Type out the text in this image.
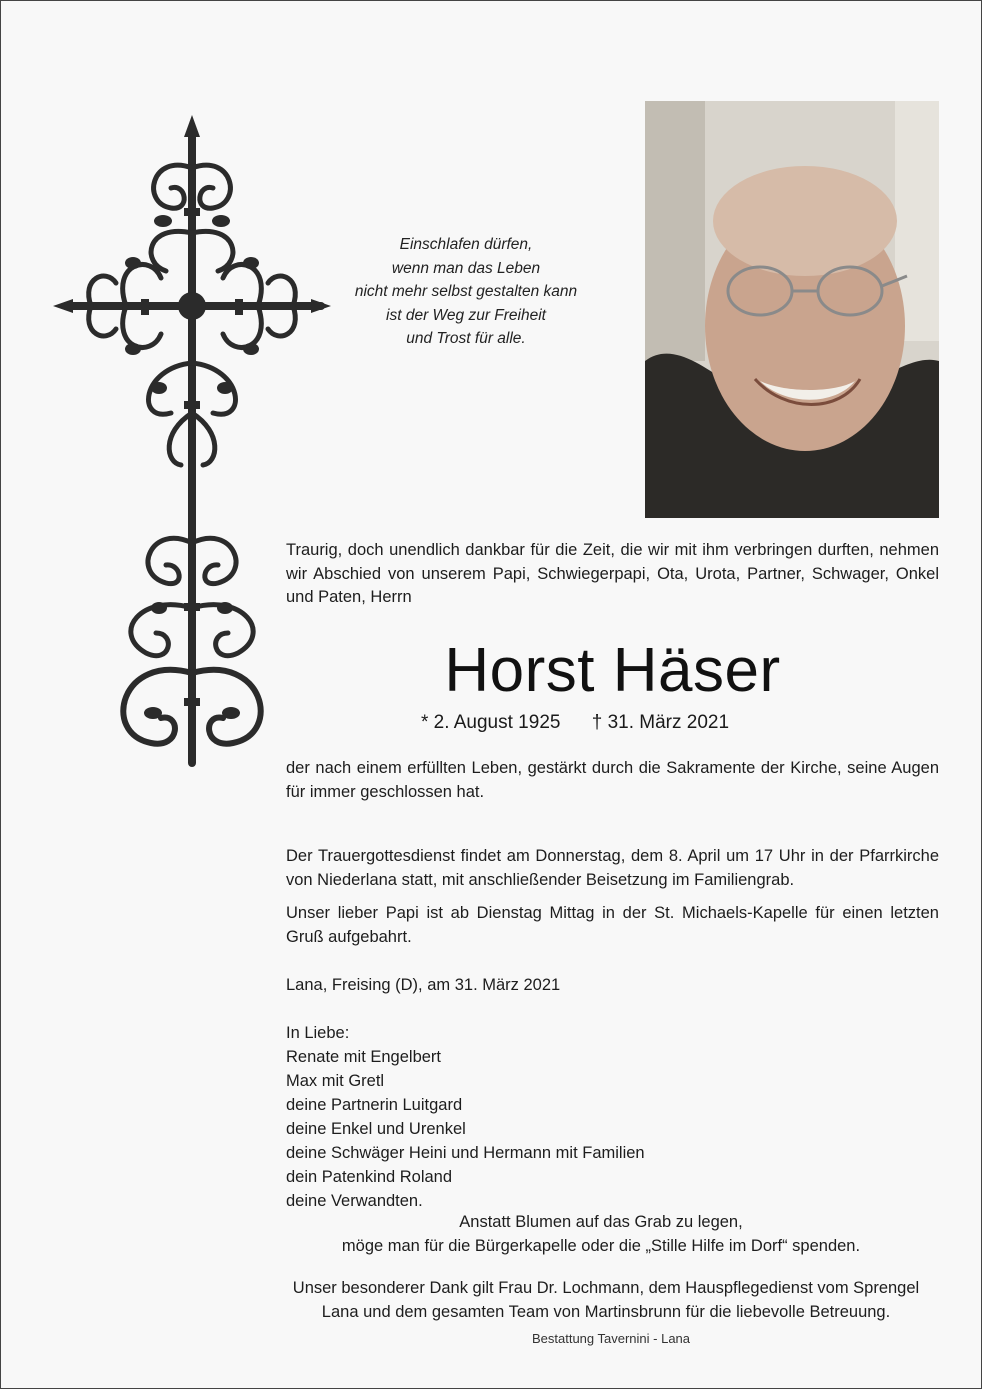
Einschlafen dürfen,
wenn man das Leben
nicht mehr selbst gestalten kann
ist der Weg zur Freiheit
und Trost für alle.
Traurig, doch unendlich dankbar für die Zeit, die wir mit ihm verbringen durften, nehmen wir Abschied von unserem Papi, Schwiegerpapi, Ota, Urota, Partner, Schwager, Onkel und Paten, Herrn
Horst Häser
* 2. August 1925 † 31. März 2021
der nach einem erfüllten Leben, gestärkt durch die Sakramente der Kirche, seine Augen für immer geschlossen hat.
Der Trauergottesdienst findet am Donnerstag, dem 8. April um 17 Uhr in der Pfarrkirche von Niederlana statt, mit anschließender Beisetzung im Familiengrab.
Unser lieber Papi ist ab Dienstag Mittag in der St. Michaels-Kapelle für einen letzten Gruß aufgebahrt.
Lana, Freising (D), am 31. März 2021
In Liebe:
Renate mit Engelbert
Max mit Gretl
deine Partnerin Luitgard
deine Enkel und Urenkel
deine Schwäger Heini und Hermann mit Familien
dein Patenkind Roland
deine Verwandten.
Anstatt Blumen auf das Grab zu legen,
möge man für die Bürgerkapelle oder die „Stille Hilfe im Dorf“ spenden.
Unser besonderer Dank gilt Frau Dr. Lochmann, dem Hauspflegedienst vom Sprengel
Lana und dem gesamten Team von Martinsbrunn für die liebevolle Betreuung.
Bestattung Tavernini - Lana
